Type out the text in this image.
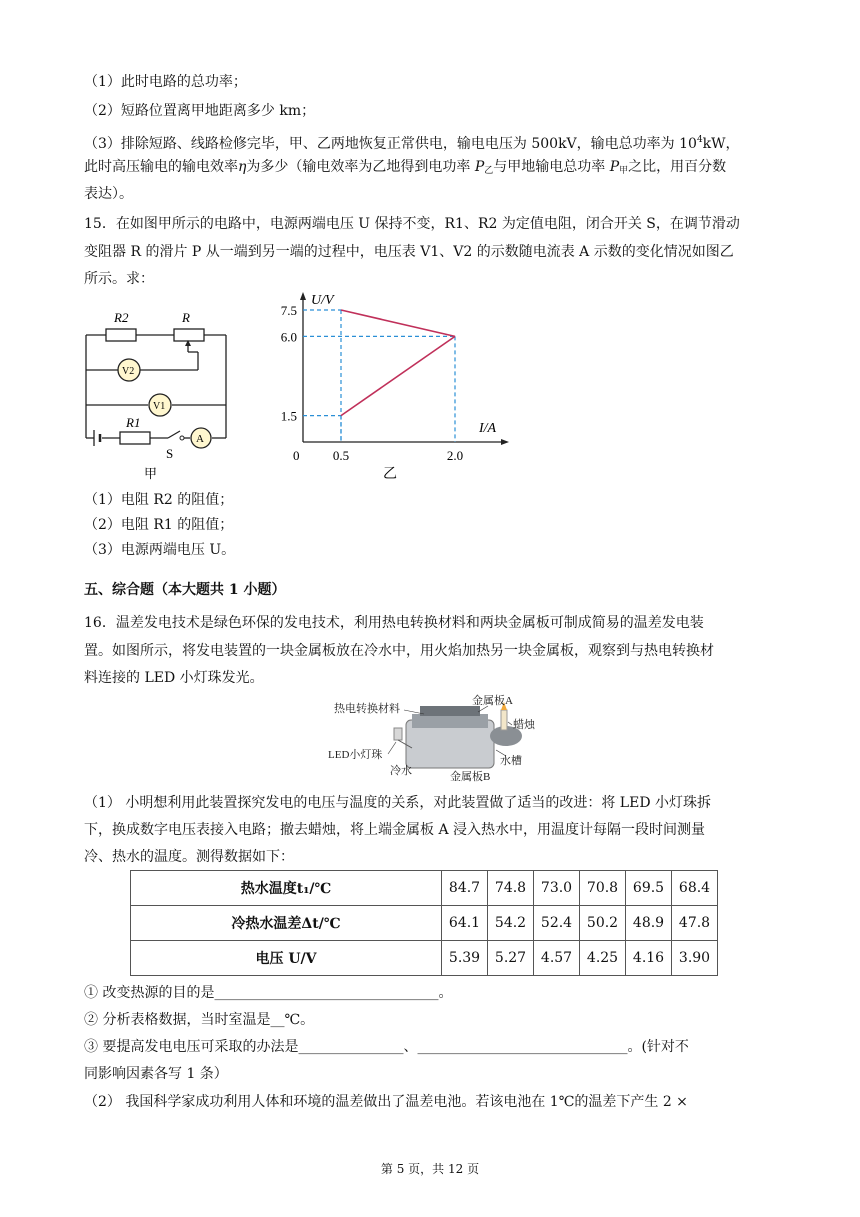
（1）此时电路的总功率；
（2）短路位置离甲地距离多少 km；
（3）排除短路、线路检修完毕，甲、乙两地恢复正常供电，输电电压为 500kV，输电总功率为 $10^4kW$，
此时高压输电的输电效率η为多少（输电效率为乙地得到电功率 $P_乙$与甲地输电总功率 $P_甲$之比，用百分数
表达）。
15．在如图甲所示的电路中，电源两端电压 U 保持不变，R1、R2 为定值电阻，闭合开关 S，在调节滑动
变阻器 R 的滑片 P 从一端到另一端的过程中，电压表 V1、V2 的示数随电流表 A 示数的变化情况如图乙
所示。求：
R2	R
V2
V1
R1
S
A
甲
7.5
6.0
1.5
0.5	2.0
U/V
I/A
0
乙
（1）电阻 R2 的阻值；
（2）电阻 R1 的阻值；
（3）电源两端电压 U。
五、综合题（本大题共 1 小题）
16．温差发电技术是绿色环保的发电技术，利用热电转换材料和两块金属板可制成简易的温差发电装
置。如图所示，将发电装置的一块金属板放在冷水中，用火焰加热另一块金属板，观察到与热电转换材
料连接的 LED 小灯珠发光。
热电转换材料
金属板A
蜡烛
LED小灯珠	水槽
冷水	金属板B
（1） 小明想利用此装置探究发电的电压与温度的关系，对此装置做了适当的改进：将 LED 小灯珠拆
下，换成数字电压表接入电路；撤去蜡烛，将上端金属板 A 浸入热水中，用温度计每隔一段时间测量
冷、热水的温度。测得数据如下：
热水温度t₁/℃	84.7	74.8	73.0	70.8	69.5	68.4
冷热水温差Δt/℃	64.1	54.2	52.4	50.2	48.9	47.8
电压 U/V	5.39	5.27	4.57	4.25	4.16	3.90
① 改变热源的目的是________________________________。
② 分析表格数据，当时室温是__℃。
③ 要提高发电电压可采取的办法是_______________、______________________________。(针对不
同影响因素各写 1 条）
（2） 我国科学家成功利用人体和环境的温差做出了温差电池。若该电池在 1℃的温差下产生 2 ×
第 5 页，共 12 页
